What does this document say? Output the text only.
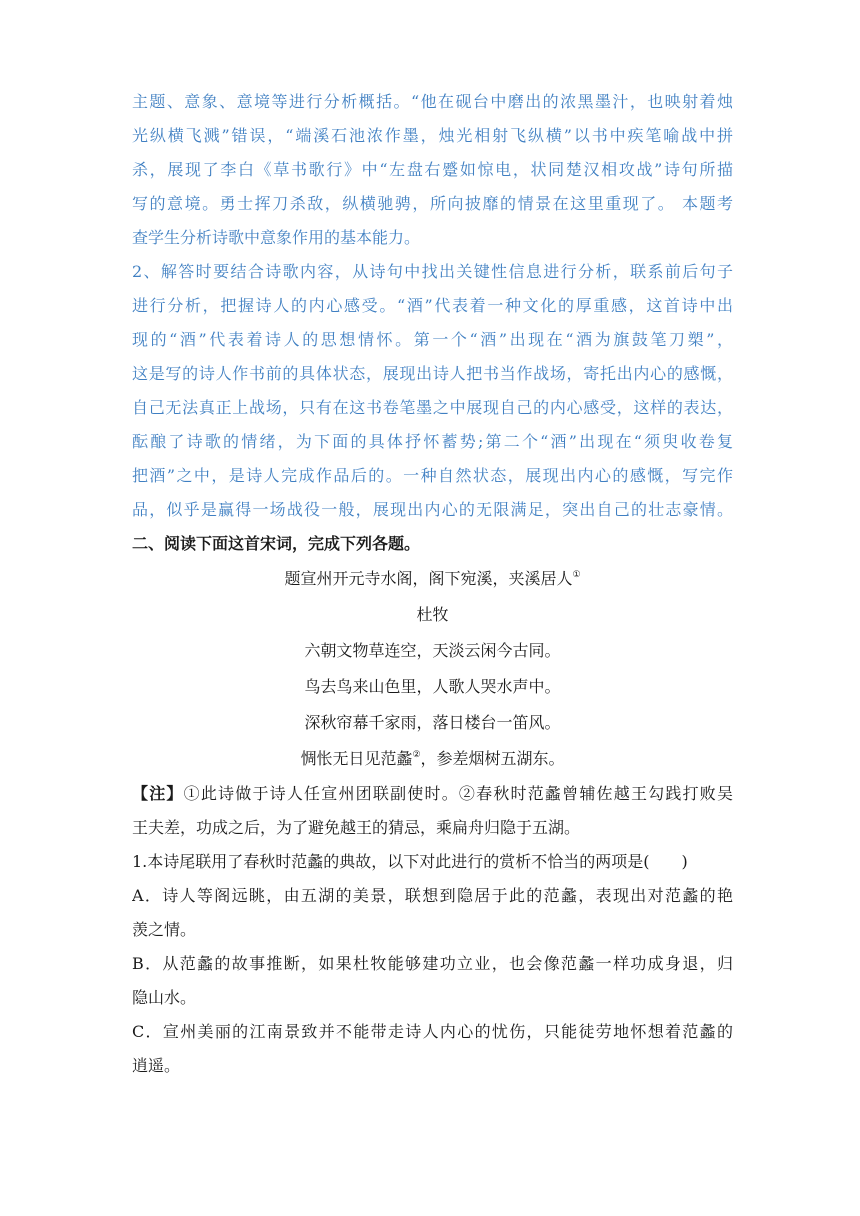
主题、意象、意境等进行分析概括。“他在砚台中磨出的浓黑墨汁，也映射着烛

光纵横飞溅”错误，“端溪石池浓作墨，烛光相射飞纵横”以书中疾笔喻战中拼

杀，展现了李白《草书歌行》中“左盘右蹙如惊电，状同楚汉相攻战”诗句所描

写的意境。勇士挥刀杀敌，纵横驰骋，所向披靡的情景在这里重现了。 本题考

查学生分析诗歌中意象作用的基本能力。

2、解答时要结合诗歌内容，从诗句中找出关键性信息进行分析，联系前后句子

进行分析，把握诗人的内心感受。“酒”代表着一种文化的厚重感，这首诗中出

现的“酒”代表着诗人的思想情怀。第一个“酒”出现在“酒为旗鼓笔刀槊”，

这是写的诗人作书前的具体状态，展现出诗人把书当作战场，寄托出内心的感慨，

自己无法真正上战场，只有在这书卷笔墨之中展现自己的内心感受，这样的表达，

酝酿了诗歌的情绪，为下面的具体抒怀蓄势;第二个“酒”出现在“须臾收卷复

把酒”之中，是诗人完成作品后的。一种自然状态，展现出内心的感慨，写完作

品，似乎是赢得一场战役一般，展现出内心的无限满足，突出自己的壮志豪情。

二、阅读下面这首宋词，完成下列各题。

题宣州开元寺水阁，阁下宛溪，夹溪居人①

杜牧

六朝文物草连空，天淡云闲今古同。

鸟去鸟来山色里，人歌人哭水声中。

深秋帘幕千家雨，落日楼台一笛风。

惆怅无日见范蠡②，参差烟树五湖东。

【注】①此诗做于诗人任宣州团联副使时。②春秋时范蠡曾辅佐越王勾践打败吴

王夫差，功成之后，为了避免越王的猜忌，乘扁舟归隐于五湖。

1.本诗尾联用了春秋时范蠡的典故，以下对此进行的赏析不恰当的两项是(　　)

A．诗人等阁远眺，由五湖的美景，联想到隐居于此的范蠡，表现出对范蠡的艳

羡之情。

B．从范蠡的故事推断，如果杜牧能够建功立业，也会像范蠡一样功成身退，归

隐山水。

C．宣州美丽的江南景致并不能带走诗人内心的忧伤，只能徒劳地怀想着范蠡的

逍遥。
